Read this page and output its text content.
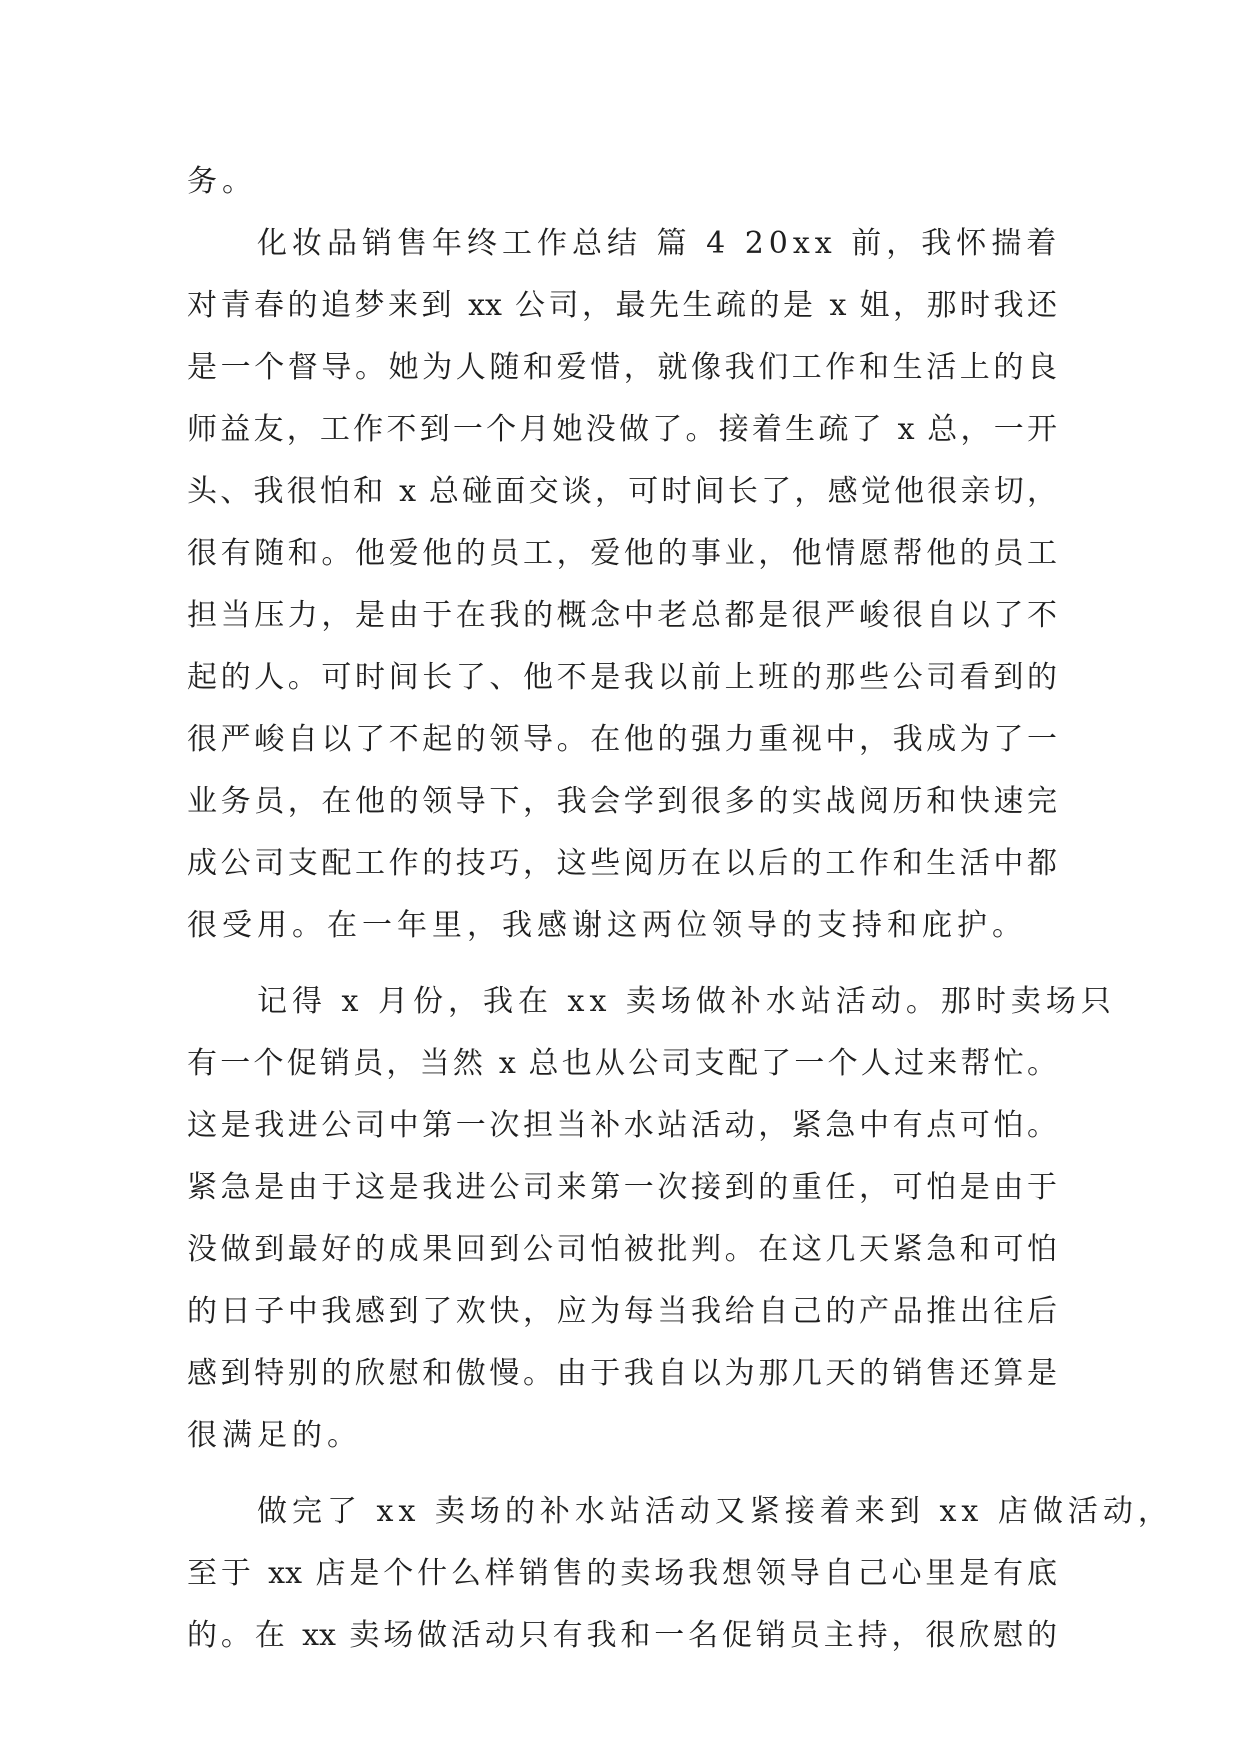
务。
　　化妆品销售年终工作总结 篇 4 20xx 前，我怀揣着
对青春的追梦来到 xx 公司，最先生疏的是 x 姐，那时我还
是一个督导。她为人随和爱惜，就像我们工作和生活上的良
师益友，工作不到一个月她没做了。接着生疏了 x 总，一开
头、我很怕和 x 总碰面交谈，可时间长了，感觉他很亲切，
很有随和。他爱他的员工，爱他的事业，他情愿帮他的员工
担当压力，是由于在我的概念中老总都是很严峻很自以了不
起的人。可时间长了、他不是我以前上班的那些公司看到的
很严峻自以了不起的领导。在他的强力重视中，我成为了一
业务员，在他的领导下，我会学到很多的实战阅历和快速完
成公司支配工作的技巧，这些阅历在以后的工作和生活中都
很受用。在一年里，我感谢这两位领导的支持和庇护。
　　记得 x 月份，我在 xx 卖场做补水站活动。那时卖场只
有一个促销员，当然 x 总也从公司支配了一个人过来帮忙。
这是我进公司中第一次担当补水站活动，紧急中有点可怕。
紧急是由于这是我进公司来第一次接到的重任，可怕是由于
没做到最好的成果回到公司怕被批判。在这几天紧急和可怕
的日子中我感到了欢快，应为每当我给自己的产品推出往后
感到特别的欣慰和傲慢。由于我自以为那几天的销售还算是
很满足的。
　　做完了 xx 卖场的补水站活动又紧接着来到 xx 店做活动，
至于 xx 店是个什么样销售的卖场我想领导自己心里是有底
的。在 xx 卖场做活动只有我和一名促销员主持，很欣慰的
